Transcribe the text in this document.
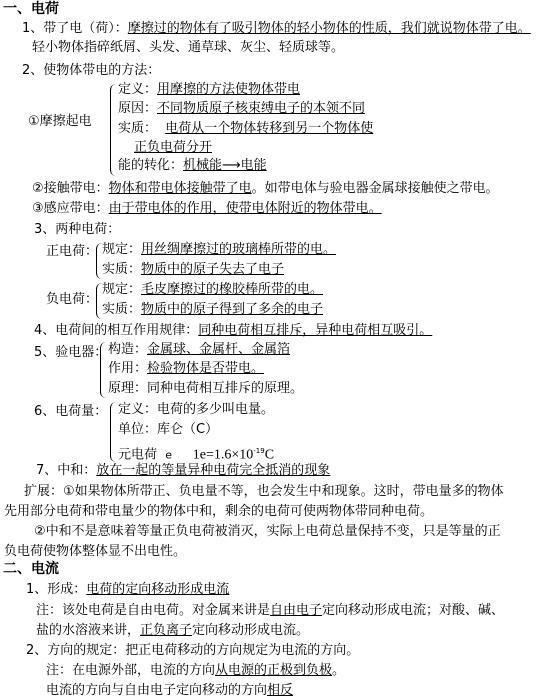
一、电荷
1、带了电（荷）：摩擦过的物体有了吸引物体的轻小物体的性质，我们就说物体带了电。
轻小物体指碎纸屑、头发、通草球、灰尘、轻质球等。
2、使物体带电的方法：
①摩擦起电
定义：用摩擦的方法使物体带电
原因：不同物质原子核束缚电子的本领不同
实质： 电荷从一个物体转移到另一个物体使
正负电荷分开
能的转化：机械能⟶电能
②接触带电：物体和带电体接触带了电。如带电体与验电器金属球接触使之带电。
③感应带电：由于带电体的作用，使带电体附近的物体带电。
3、两种电荷：
正电荷： 规定：用丝绸摩擦过的玻璃棒所带的电。
实质：物质中的原子失去了电子
负电荷：
规定：毛皮摩擦过的橡胶棒所带的电。
实质：物质中的原子得到了多余的电子
4、电荷间的相互作用规律：同种电荷相互排斥，异种电荷相互吸引。
5、验电器： 构造：金属球、金属杆、金属箔
作用：检验物体是否带电。
原理：同种电荷相互排斥的原理。
6、电荷量： 定义：电荷的多少叫电量。
单位：库仑（C）
元电荷 e $1e=1.6\times 10^{-19}C$
7、中和：放在一起的等量异种电荷完全抵消的现象
扩展：①如果物体所带正、负电量不等，也会发生中和现象。这时，带电量多的物体
先用部分电荷和带电量少的物体中和，剩余的电荷可使两物体带同种电荷。
②中和不是意味着等量正负电荷被消灭，实际上电荷总量保持不变，只是等量的正
负电荷使物体整体显不出电性。
二、电流
1、形成：电荷的定向移动形成电流
注：该处电荷是自由电荷。对金属来讲是自由电子定向移动形成电流；对酸、碱、
盐的水溶液来讲，正负离子定向移动形成电流。
2、方向的规定：把正电荷移动的方向规定为电流的方向。
注：在电源外部，电流的方向从电源的正极到负极。
电流的方向与自由电子定向移动的方向相反
